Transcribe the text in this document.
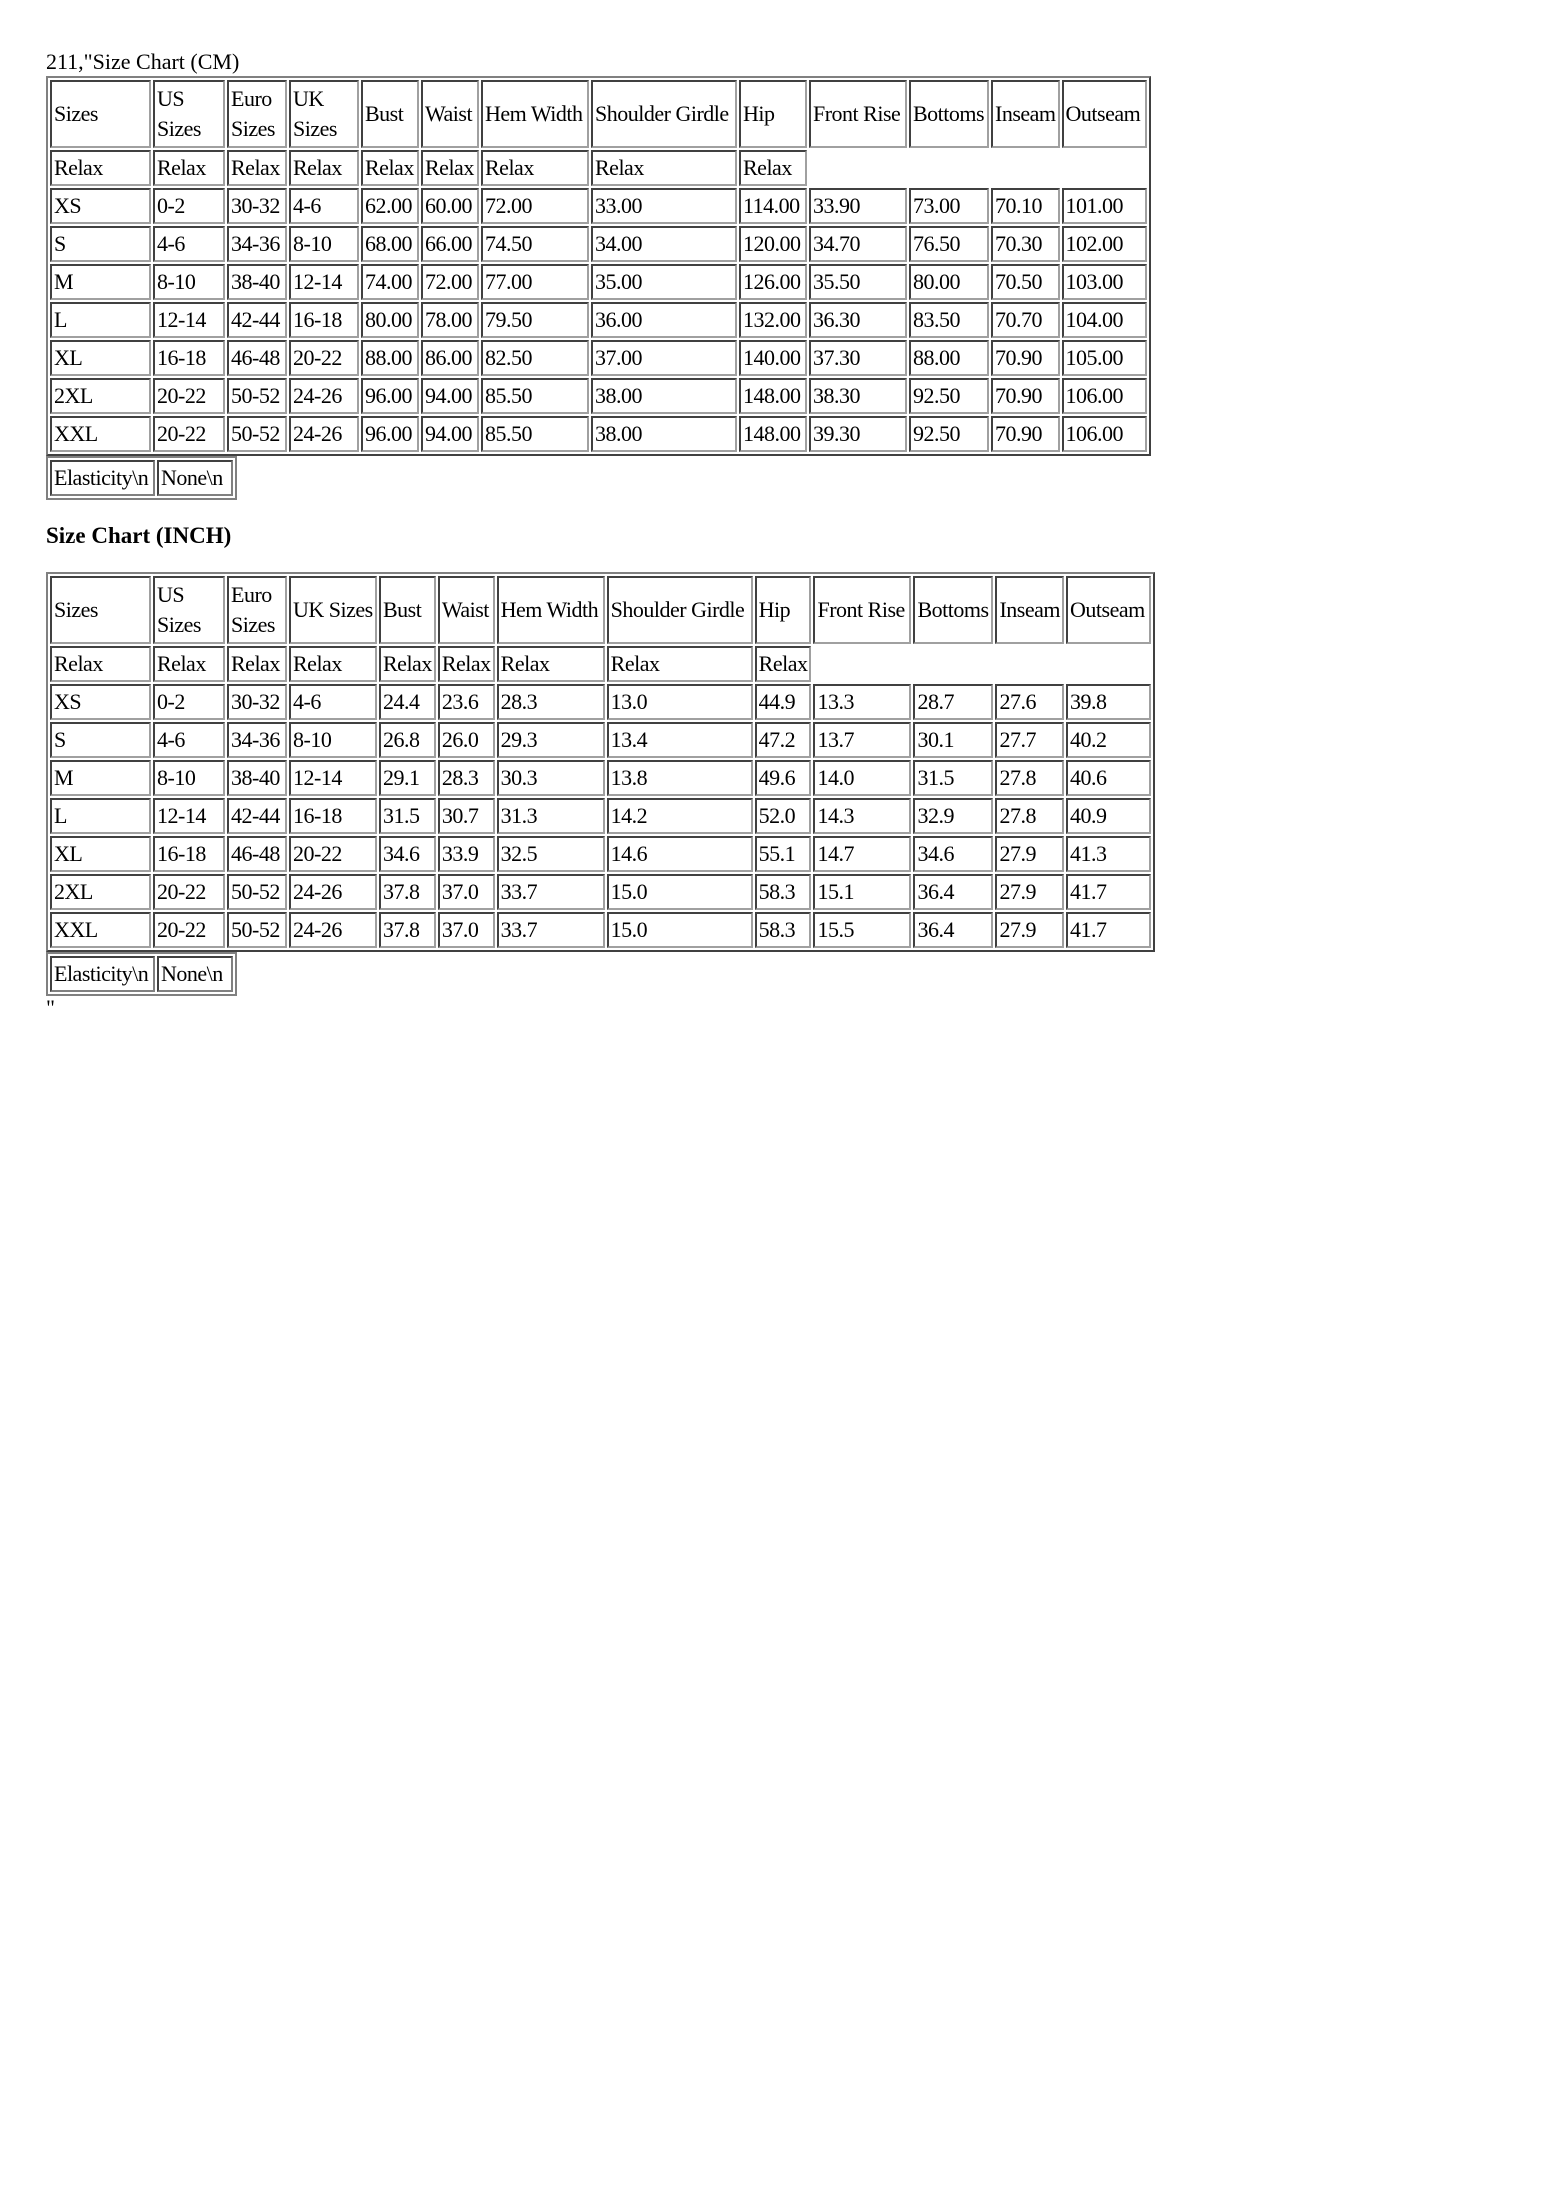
211,"Size Chart (CM)
Sizes	US Sizes	Euro Sizes	UK Sizes	Bust	Waist	Hem Width	Shoulder Girdle	Hip	Front Rise	Bottoms	Inseam	Outseam
Relax	Relax	Relax	Relax	Relax	Relax	Relax	Relax	Relax				
XS	0-2	30-32	4-6	62.00	60.00	72.00	33.00	114.00	33.90	73.00	70.10	101.00
S	4-6	34-36	8-10	68.00	66.00	74.50	34.00	120.00	34.70	76.50	70.30	102.00
M	8-10	38-40	12-14	74.00	72.00	77.00	35.00	126.00	35.50	80.00	70.50	103.00
L	12-14	42-44	16-18	80.00	78.00	79.50	36.00	132.00	36.30	83.50	70.70	104.00
XL	16-18	46-48	20-22	88.00	86.00	82.50	37.00	140.00	37.30	88.00	70.90	105.00
2XL	20-22	50-52	24-26	96.00	94.00	85.50	38.00	148.00	38.30	92.50	70.90	106.00
XXL	20-22	50-52	24-26	96.00	94.00	85.50	38.00	148.00	39.30	92.50	70.90	106.00
Elasticity\n	None\n
Size Chart (INCH)
Sizes	US Sizes	Euro Sizes	UK Sizes	Bust	Waist	Hem Width	Shoulder Girdle	Hip	Front Rise	Bottoms	Inseam	Outseam
Relax	Relax	Relax	Relax	Relax	Relax	Relax	Relax	Relax				
XS	0-2	30-32	4-6	24.4	23.6	28.3	13.0	44.9	13.3	28.7	27.6	39.8
S	4-6	34-36	8-10	26.8	26.0	29.3	13.4	47.2	13.7	30.1	27.7	40.2
M	8-10	38-40	12-14	29.1	28.3	30.3	13.8	49.6	14.0	31.5	27.8	40.6
L	12-14	42-44	16-18	31.5	30.7	31.3	14.2	52.0	14.3	32.9	27.8	40.9
XL	16-18	46-48	20-22	34.6	33.9	32.5	14.6	55.1	14.7	34.6	27.9	41.3
2XL	20-22	50-52	24-26	37.8	37.0	33.7	15.0	58.3	15.1	36.4	27.9	41.7
XXL	20-22	50-52	24-26	37.8	37.0	33.7	15.0	58.3	15.5	36.4	27.9	41.7
Elasticity\n	None\n
"
